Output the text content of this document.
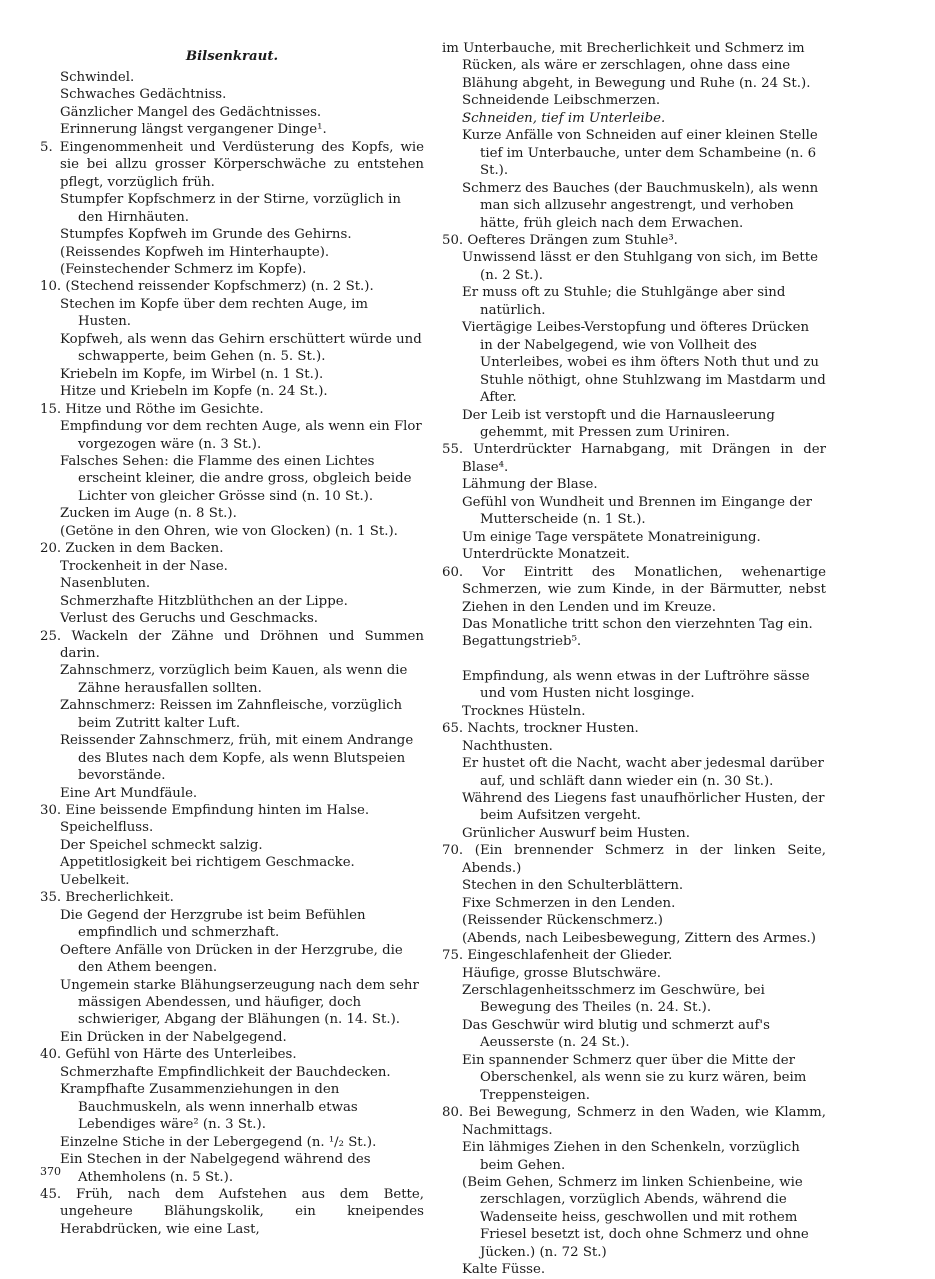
Bilsenkraut.
Schwindel.
Schwaches Gedächtniss.
Gänzlicher Mangel des Gedächtnisses.
Erinnerung längst vergangener Dinge¹.
5. Eingenommenheit und Verdüsterung des Kopfs, wie sie bei allzu grosser Körperschwäche zu entstehen pflegt, vorzüglich früh.
Stumpfer Kopfschmerz in der Stirne, vorzüglich in den Hirnhäuten.
Stumpfes Kopfweh im Grunde des Gehirns.
(Reissendes Kopfweh im Hinterhaupte).
(Feinstechender Schmerz im Kopfe).
10. (Stechend reissender Kopfschmerz) (n. 2 St.).
Stechen im Kopfe über dem rechten Auge, im Husten.
Kopfweh, als wenn das Gehirn erschüttert würde und schwapperte, beim Gehen (n. 5. St.).
Kriebeln im Kopfe, im Wirbel (n. 1 St.).
Hitze und Kriebeln im Kopfe (n. 24 St.).
15. Hitze und Röthe im Gesichte.
Empfindung vor dem rechten Auge, als wenn ein Flor vorgezogen wäre (n. 3 St.).
Falsches Sehen: die Flamme des einen Lichtes erscheint kleiner, die andre gross, obgleich beide Lichter von gleicher Grösse sind (n. 10 St.).
Zucken im Auge (n. 8 St.).
(Getöne in den Ohren, wie von Glocken) (n. 1 St.).
20. Zucken in dem Backen.
Trockenheit in der Nase.
Nasenbluten.
Schmerzhafte Hitzblüthchen an der Lippe.
Verlust des Geruchs und Geschmacks.
25. Wackeln der Zähne und Dröhnen und Summen darin.
Zahnschmerz, vorzüglich beim Kauen, als wenn die Zähne herausfallen sollten.
Zahnschmerz: Reissen im Zahnfleische, vorzüglich beim Zutritt kalter Luft.
Reissender Zahnschmerz, früh, mit einem Andrange des Blutes nach dem Kopfe, als wenn Blutspeien bevorstände.
Eine Art Mundfäule.
30. Eine beissende Empfindung hinten im Halse.
Speichelfluss.
Der Speichel schmeckt salzig.
Appetitlosigkeit bei richtigem Geschmacke.
Uebelkeit.
35. Brecherlichkeit.
Die Gegend der Herzgrube ist beim Befühlen empfindlich und schmerzhaft.
Oeftere Anfälle von Drücken in der Herzgrube, die den Athem beengen.
Ungemein starke Blähungserzeugung nach dem sehr mässigen Abendessen, und häufiger, doch schwieriger, Abgang der Blähungen (n. 14. St.).
Ein Drücken in der Nabelgegend.
40. Gefühl von Härte des Unterleibes.
Schmerzhafte Empfindlichkeit der Bauchdecken.
Krampfhafte Zusammenziehungen in den Bauchmuskeln, als wenn innerhalb etwas Lebendiges wäre² (n. 3 St.).
Einzelne Stiche in der Lebergegend (n. ¹/₂ St.).
Ein Stechen in der Nabelgegend während des Athemholens (n. 5 St.).
45. Früh, nach dem Aufstehen aus dem Bette, ungeheure Blähungskolik, ein kneipendes Herabdrücken, wie eine Last,
im Unterbauche, mit Brecherlichkeit und Schmerz im Rücken, als wäre er zerschlagen, ohne dass eine Blähung abgeht, in Bewegung und Ruhe (n. 24 St.).
Schneidende Leibschmerzen.
Schneiden, tief im Unterleibe.
Kurze Anfälle von Schneiden auf einer kleinen Stelle tief im Unterbauche, unter dem Schambeine (n. 6 St.).
Schmerz des Bauches (der Bauchmuskeln), als wenn man sich allzusehr angestrengt, und verhoben hätte, früh gleich nach dem Erwachen.
50. Oefteres Drängen zum Stuhle³.
Unwissend lässt er den Stuhlgang von sich, im Bette (n. 2 St.).
Er muss oft zu Stuhle; die Stuhlgänge aber sind natürlich.
Viertägige Leibes-Verstopfung und öfteres Drücken in der Nabelgegend, wie von Vollheit des Unterleibes, wobei es ihm öfters Noth thut und zu Stuhle nöthigt, ohne Stuhlzwang im Mastdarm und After.
Der Leib ist verstopft und die Harnausleerung gehemmt, mit Pressen zum Uriniren.
55. Unterdrückter Harnabgang, mit Drängen in der Blase⁴.
Lähmung der Blase.
Gefühl von Wundheit und Brennen im Eingange der Mutterscheide (n. 1 St.).
Um einige Tage verspätete Monatreinigung.
Unterdrückte Monatzeit.
60. Vor Eintritt des Monatlichen, wehenartige Schmerzen, wie zum Kinde, in der Bärmutter, nebst Ziehen in den Lenden und im Kreuze.
Das Monatliche tritt schon den vierzehnten Tag ein.
Begattungstrieb⁵.
Empfindung, als wenn etwas in der Luftröhre sässe und vom Husten nicht losginge.
Trocknes Hüsteln.
65. Nachts, trockner Husten.
Nachthusten.
Er hustet oft die Nacht, wacht aber jedesmal darüber auf, und schläft dann wieder ein (n. 30 St.).
Während des Liegens fast unaufhörlicher Husten, der beim Aufsitzen vergeht.
Grünlicher Auswurf beim Husten.
70. (Ein brennender Schmerz in der linken Seite, Abends.)
Stechen in den Schulterblättern.
Fixe Schmerzen in den Lenden.
(Reissender Rückenschmerz.)
(Abends, nach Leibesbewegung, Zittern des Armes.)
75. Eingeschlafenheit der Glieder.
Häufige, grosse Blutschwäre.
Zerschlagenheitsschmerz im Geschwüre, bei Bewegung des Theiles (n. 24. St.).
Das Geschwür wird blutig und schmerzt auf's Aeusserste (n. 24 St.).
Ein spannender Schmerz quer über die Mitte der Oberschenkel, als wenn sie zu kurz wären, beim Treppensteigen.
80. Bei Bewegung, Schmerz in den Waden, wie Klamm, Nachmittags.
Ein lähmiges Ziehen in den Schenkeln, vorzüglich beim Gehen.
(Beim Gehen, Schmerz im linken Schienbeine, wie zerschlagen, vorzüglich Abends, während die Wadenseite heiss, geschwollen und mit rothem Friesel besetzt ist, doch ohne Schmerz und ohne Jücken.) (n. 72 St.)
Kalte Füsse.
370
